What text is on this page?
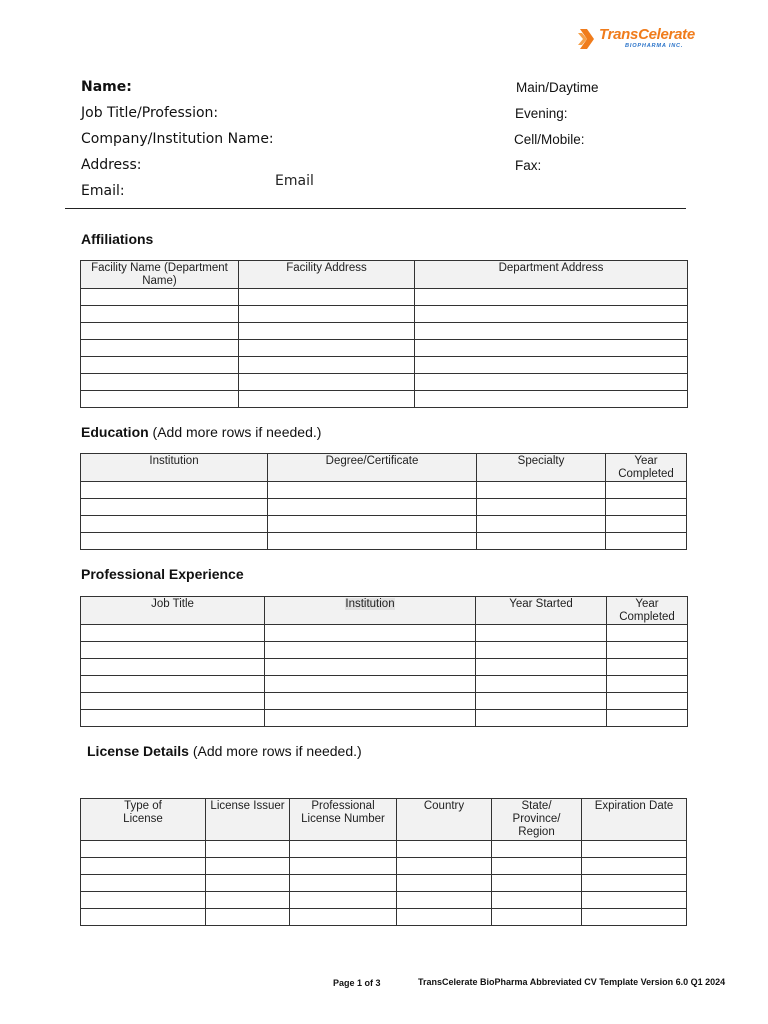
TransCelerate
BIOPHARMA INC.
Name:
Job Title/Profession:
Company/Institution Name:
Address:
Email
Email:
Main/Daytime
Evening:
Cell/Mobile:
Fax:
Affiliations
Facility Name (Department Name)	Facility Address	Department Address

Education (Add more rows if needed.)
Institution	Degree/Certificate	Specialty	Year Completed

Professional Experience
Job Title	Institution	Year Started	Year Completed

License Details (Add more rows if needed.)
Type of License	License Issuer	Professional License Number	Country	State/ Province/ Region	Expiration Date

Page 1 of 3	TransCelerate BioPharma Abbreviated CV Template Version 6.0 Q1 2024
